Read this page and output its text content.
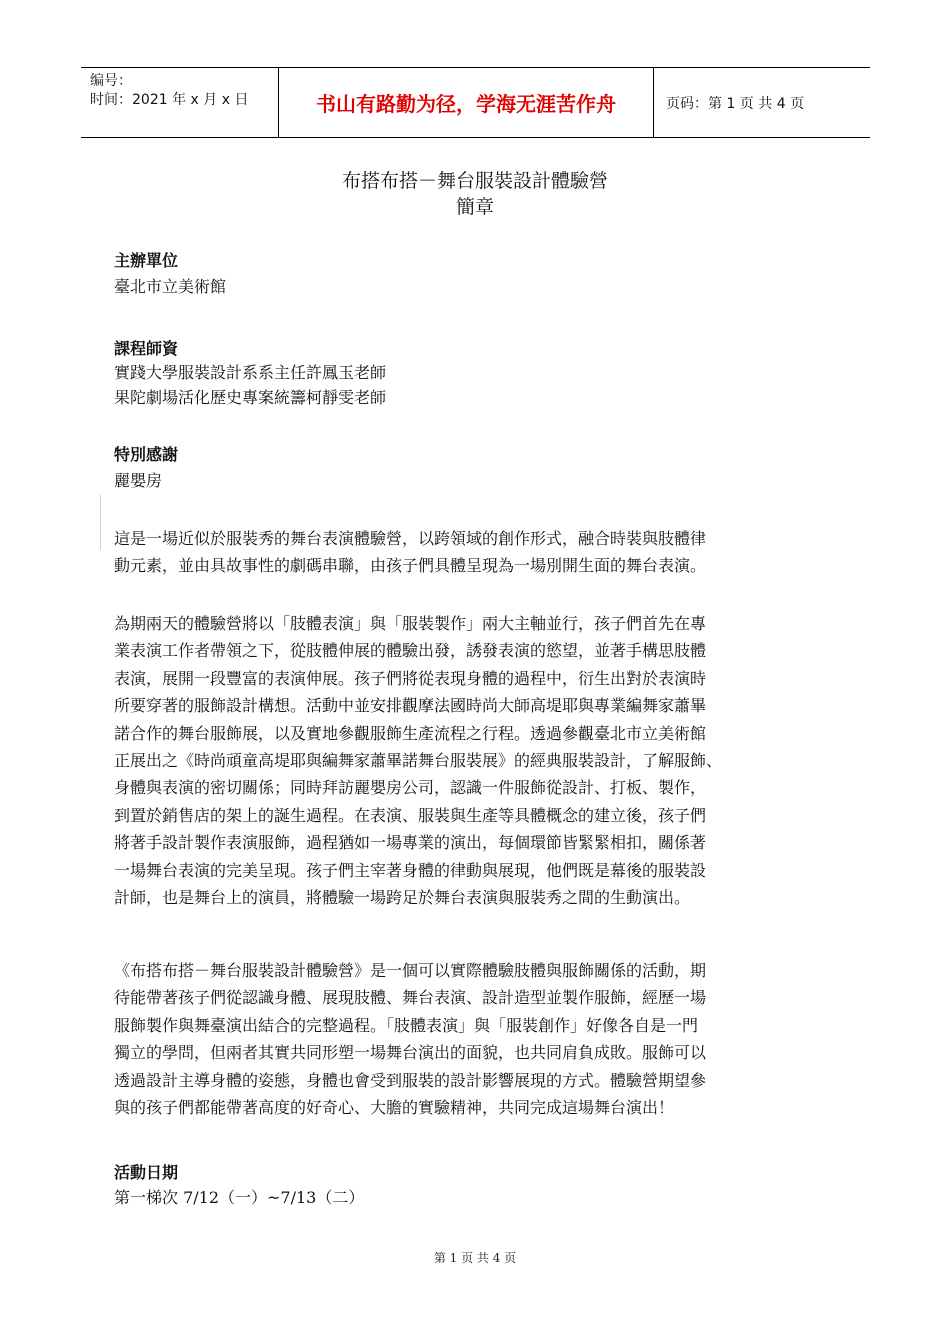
编号：
时间：2021 年 x 月 x 日	书山有路勤为径，学海无涯苦作舟	页码：第 1 页 共 4 页
布搭布搭－舞台服裝設計體驗營
簡章
主辦單位
臺北市立美術館
課程師資
實踐大學服裝設計系系主任許鳳玉老師
果陀劇場活化歷史專案統籌柯靜雯老師
特別感謝
麗嬰房
這是一場近似於服裝秀的舞台表演體驗營，以跨領域的創作形式，融合時裝與肢體律
動元素，並由具故事性的劇碼串聯，由孩子們具體呈現為一場別開生面的舞台表演。
為期兩天的體驗營將以「肢體表演」與「服裝製作」兩大主軸並行，孩子們首先在專
業表演工作者帶領之下，從肢體伸展的體驗出發，誘發表演的慾望，並著手構思肢體
表演，展開一段豐富的表演伸展。孩子們將從表現身體的過程中，衍生出對於表演時
所要穿著的服飾設計構想。活動中並安排觀摩法國時尚大師高堤耶與專業編舞家蕭畢
諾合作的舞台服飾展，以及實地參觀服飾生產流程之行程。透過參觀臺北市立美術館
正展出之《時尚頑童高堤耶與編舞家蕭畢諾舞台服裝展》的經典服裝設計，了解服飾、
身體與表演的密切關係；同時拜訪麗嬰房公司，認識一件服飾從設計、打板、製作，
到置於銷售店的架上的誕生過程。在表演、服裝與生產等具體概念的建立後，孩子們
將著手設計製作表演服飾，過程猶如一場專業的演出，每個環節皆緊緊相扣，關係著
一場舞台表演的完美呈現。孩子們主宰著身體的律動與展現，他們既是幕後的服裝設
計師，也是舞台上的演員，將體驗一場跨足於舞台表演與服裝秀之間的生動演出。
《布搭布搭－舞台服裝設計體驗營》是一個可以實際體驗肢體與服飾關係的活動，期
待能帶著孩子們從認識身體、展現肢體、舞台表演、設計造型並製作服飾，經歷一場
服飾製作與舞臺演出結合的完整過程。「肢體表演」與「服裝創作」好像各自是一門
獨立的學問，但兩者其實共同形塑一場舞台演出的面貌，也共同肩負成敗。服飾可以
透過設計主導身體的姿態，身體也會受到服裝的設計影響展現的方式。體驗營期望參
與的孩子們都能帶著高度的好奇心、大膽的實驗精神，共同完成這場舞台演出！
活動日期
第一梯次 7/12（一）~7/13（二）
第 1 页 共 4 页
